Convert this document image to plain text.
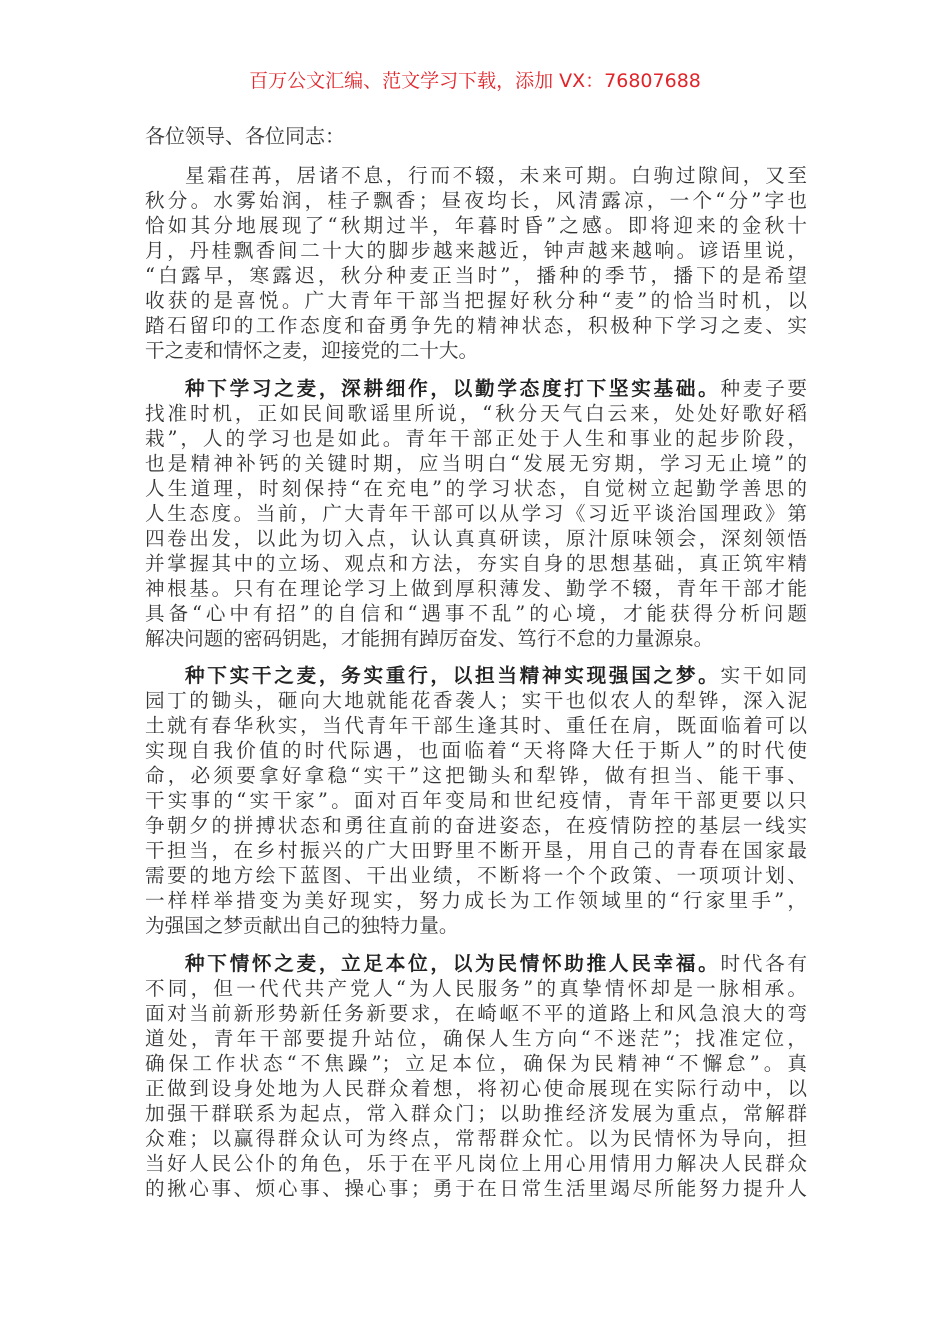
百万公文汇编、范文学习下载，添加 VX：76807688
各位领导、各位同志：
星霜荏苒，居诸不息，行而不辍，未来可期。白驹过隙间，又至
秋分。水雾始润，桂子飘香；昼夜均长，风清露凉，一个“分”字也
恰如其分地展现了“秋期过半，年暮时昏”之感。即将迎来的金秋十
月，丹桂飘香间二十大的脚步越来越近，钟声越来越响。谚语里说，
“白露早，寒露迟，秋分种麦正当时”，播种的季节，播下的是希望
收获的是喜悦。广大青年干部当把握好秋分种“麦”的恰当时机，以
踏石留印的工作态度和奋勇争先的精神状态，积极种下学习之麦、实
干之麦和情怀之麦，迎接党的二十大。
种下学习之麦，深耕细作，以勤学态度打下坚实基础。种麦子要
找准时机，正如民间歌谣里所说，“秋分天气白云来，处处好歌好稻
栽”，人的学习也是如此。青年干部正处于人生和事业的起步阶段，
也是精神补钙的关键时期，应当明白“发展无穷期，学习无止境”的
人生道理，时刻保持“在充电”的学习状态，自觉树立起勤学善思的
人生态度。当前，广大青年干部可以从学习《习近平谈治国理政》第
四卷出发，以此为切入点，认认真真研读，原汁原味领会，深刻领悟
并掌握其中的立场、观点和方法，夯实自身的思想基础，真正筑牢精
神根基。只有在理论学习上做到厚积薄发、勤学不辍，青年干部才能
具备“心中有招”的自信和“遇事不乱”的心境，才能获得分析问题
解决问题的密码钥匙，才能拥有踔厉奋发、笃行不怠的力量源泉。
种下实干之麦，务实重行，以担当精神实现强国之梦。实干如同
园丁的锄头，砸向大地就能花香袭人；实干也似农人的犁铧，深入泥
土就有春华秋实，当代青年干部生逢其时、重任在肩，既面临着可以
实现自我价值的时代际遇，也面临着“天将降大任于斯人”的时代使
命，必须要拿好拿稳“实干”这把锄头和犁铧，做有担当、能干事、
干实事的“实干家”。面对百年变局和世纪疫情，青年干部更要以只
争朝夕的拼搏状态和勇往直前的奋进姿态，在疫情防控的基层一线实
干担当，在乡村振兴的广大田野里不断开垦，用自己的青春在国家最
需要的地方绘下蓝图、干出业绩，不断将一个个政策、一项项计划、
一样样举措变为美好现实，努力成长为工作领域里的“行家里手”，
为强国之梦贡献出自己的独特力量。
种下情怀之麦，立足本位，以为民情怀助推人民幸福。时代各有
不同，但一代代共产党人“为人民服务”的真挚情怀却是一脉相承。
面对当前新形势新任务新要求，在崎岖不平的道路上和风急浪大的弯
道处，青年干部要提升站位，确保人生方向“不迷茫”；找准定位，
确保工作状态“不焦躁”；立足本位，确保为民精神“不懈怠”。真
正做到设身处地为人民群众着想，将初心使命展现在实际行动中，以
加强干群联系为起点，常入群众门；以助推经济发展为重点，常解群
众难；以赢得群众认可为终点，常帮群众忙。以为民情怀为导向，担
当好人民公仆的角色，乐于在平凡岗位上用心用情用力解决人民群众
的揪心事、烦心事、操心事；勇于在日常生活里竭尽所能努力提升人
